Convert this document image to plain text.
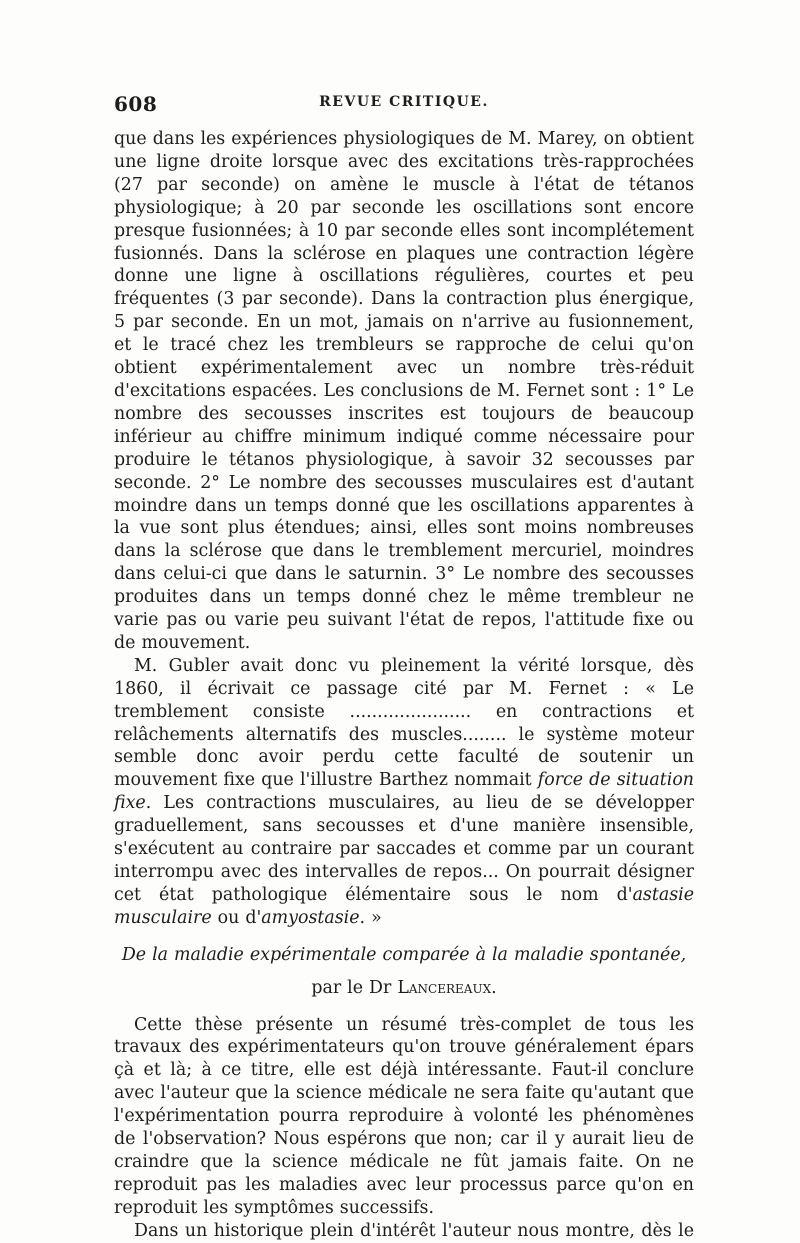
608	REVUE CRITIQUE.

que dans les expériences physiologiques de M. Marey, on obtient une ligne droite lorsque avec des excitations très-rapprochées (27 par seconde) on amène le muscle à l'état de tétanos physiologique; à 20 par seconde les oscillations sont encore presque fusionnées; à 10 par seconde elles sont incomplétement fusionnés. Dans la sclérose en plaques une contraction légère donne une ligne à oscillations régulières, courtes et peu fréquentes (3 par seconde). Dans la contraction plus énergique, 5 par seconde. En un mot, jamais on n'arrive au fusionnement, et le tracé chez les trembleurs se rapproche de celui qu'on obtient expérimentalement avec un nombre très-réduit d'excitations espacées. Les conclusions de M. Fernet sont : 1° Le nombre des secousses inscrites est toujours de beaucoup inférieur au chiffre minimum indiqué comme nécessaire pour produire le tétanos physiologique, à savoir 32 secousses par seconde. 2° Le nombre des secousses musculaires est d'autant moindre dans un temps donné que les oscillations apparentes à la vue sont plus étendues; ainsi, elles sont moins nombreuses dans la sclérose que dans le tremblement mercuriel, moindres dans celui-ci que dans le saturnin. 3° Le nombre des secousses produites dans un temps donné chez le même trembleur ne varie pas ou varie peu suivant l'état de repos, l'attitude fixe ou de mouvement.

M. Gubler avait donc vu pleinement la vérité lorsque, dès 1860, il écrivait ce passage cité par M. Fernet : « Le tremblement consiste ...................... en contractions et relâchements alternatifs des muscles........ le système moteur semble donc avoir perdu cette faculté de soutenir un mouvement fixe que l'illustre Barthez nommait force de situation fixe. Les contractions musculaires, au lieu de se développer graduellement, sans secousses et d'une manière insensible, s'exécutent au contraire par saccades et comme par un courant interrompu avec des intervalles de repos... On pourrait désigner cet état pathologique élémentaire sous le nom d'astasie musculaire ou d'amyostasie. »

De la maladie expérimentale comparée à la maladie spontanée,

par le Dr Lancereaux.

Cette thèse présente un résumé très-complet de tous les travaux des expérimentateurs qu'on trouve généralement épars çà et là; à ce titre, elle est déjà intéressante. Faut-il conclure avec l'auteur que la science médicale ne sera faite qu'autant que l'expérimentation pourra reproduire à volonté les phénomènes de l'observation? Nous espérons que non; car il y aurait lieu de craindre que la science médicale ne fût jamais faite. On ne reproduit pas les maladies avec leur processus parce qu'on en reproduit les symptômes successifs.

Dans un historique plein d'intérêt l'auteur nous montre, dès le
